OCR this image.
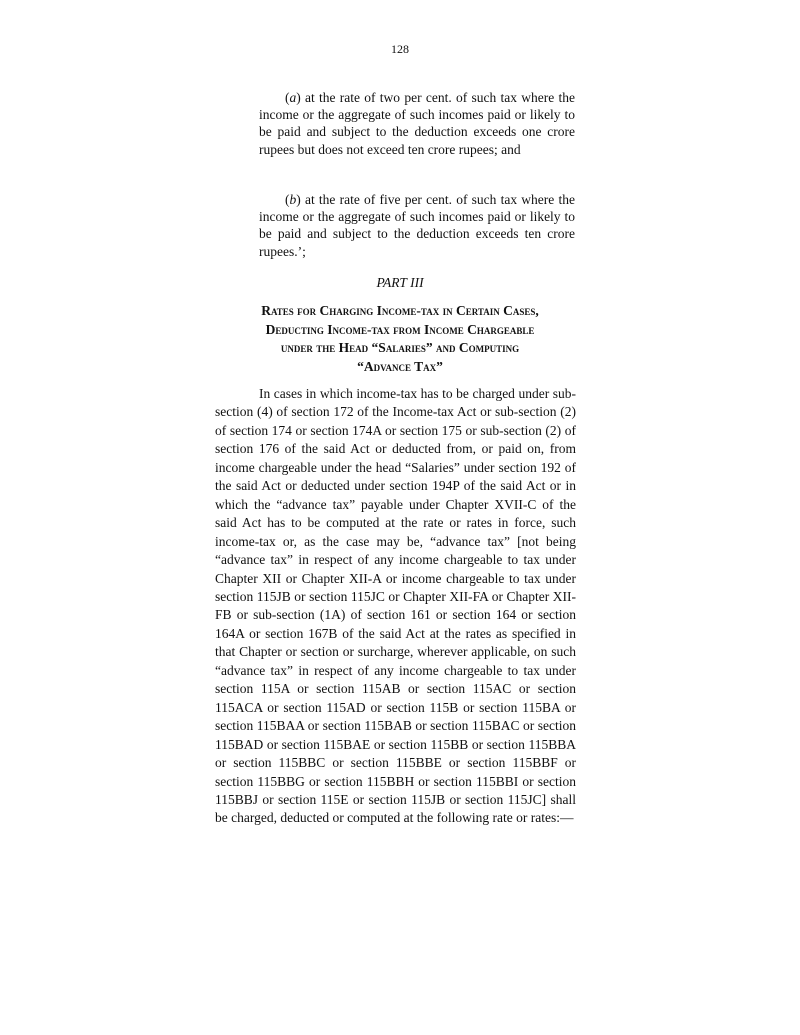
128

(a) at the rate of two per cent. of such tax where the income or the aggregate of such incomes paid or likely to be paid and subject to the deduction exceeds one crore rupees but does not exceed ten crore rupees; and

(b) at the rate of five per cent. of such tax where the income or the aggregate of such incomes paid or likely to be paid and subject to the deduction exceeds ten crore rupees.’;

PART III
Rates for Charging Income-tax in Certain Cases,
Deducting Income-tax from Income Chargeable
under the Head “Salaries” and Computing
“Advance Tax”

In cases in which income-tax has to be charged under sub-section (4) of section 172 of the Income-tax Act or sub-section (2) of section 174 or section 174A or section 175 or sub-section (2) of section 176 of the said Act or deducted from, or paid on, from income chargeable under the head “Salaries” under section 192 of the said Act or deducted under section 194P of the said Act or in which the “advance tax” payable under Chapter XVII-C of the said Act has to be computed at the rate or rates in force, such income-tax or, as the case may be, “advance tax” [not being “advance tax” in respect of any income chargeable to tax under Chapter XII or Chapter XII-A or income chargeable to tax under section 115JB or section 115JC or Chapter XII-FA or Chapter XII-FB or sub-section (1A) of section 161 or section 164 or section 164A or section 167B of the said Act at the rates as specified in that Chapter or section or surcharge, wherever applicable, on such “advance tax” in respect of any income chargeable to tax under section 115A or section 115AB or section 115AC or section 115ACA or section 115AD or section 115B or section 115BA or section 115BAA or section 115BAB or section 115BAC or section 115BAD or section 115BAE or section 115BB or section 115BBA or section 115BBC or section 115BBE or section 115BBF or section 115BBG or section 115BBH or section 115BBI or section 115BBJ or section 115E or section 115JB or section 115JC] shall be charged, deducted or computed at the following rate or rates:—
